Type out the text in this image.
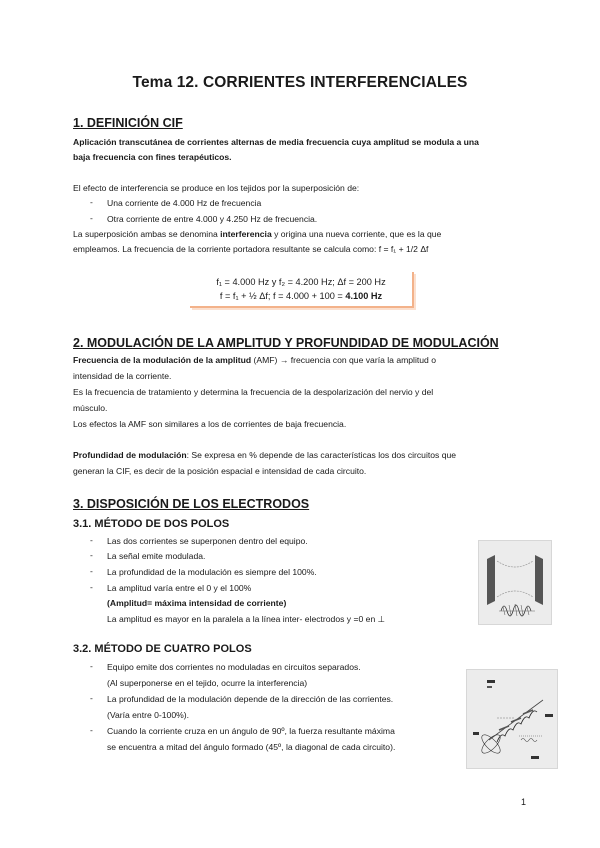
Tema 12. CORRIENTES INTERFERENCIALES
1. DEFINICIÓN CIF
Aplicación transcutánea de corrientes alternas de media frecuencia cuya amplitud se modula a una
baja frecuencia con fines terapéuticos.
El efecto de interferencia se produce en los tejidos por la superposición de:
- Una corriente de 4.000 Hz de frecuencia
- Otra corriente de entre 4.000 y 4.250 Hz de frecuencia.
La superposición ambas se denomina interferencia y origina una nueva corriente, que es la que
empleamos. La frecuencia de la corriente portadora resultante se calcula como: f = f₁ + 1/2 Δf
f₁ = 4.000 Hz y f₂ = 4.200 Hz; Δf = 200 Hz
f = f₁ + ½ Δf; f = 4.000 + 100 = 4.100 Hz
2. MODULACIÓN DE LA AMPLITUD Y PROFUNDIDAD DE MODULACIÓN
Frecuencia de la modulación de la amplitud (AMF) → frecuencia con que varía la amplitud o
intensidad de la corriente.
Es la frecuencia de tratamiento y determina la frecuencia de la despolarización del nervio y del
músculo.
Los efectos la AMF son similares a los de corrientes de baja frecuencia.
Profundidad de modulación: Se expresa en % depende de las características los dos circuitos que
generan la CIF, es decir de la posición espacial e intensidad de cada circuito.
3. DISPOSICIÓN DE LOS ELECTRODOS
3.1. MÉTODO DE DOS POLOS
- Las dos corrientes se superponen dentro del equipo.
- La señal emite modulada.
- La profundidad de la modulación es siempre del 100%.
- La amplitud varía entre el 0 y el 100%
(Amplitud= máxima intensidad de corriente)
La amplitud es mayor en la paralela a la línea inter- electrodos y =0 en ⊥
3.2. MÉTODO DE CUATRO POLOS
- Equipo emite dos corrientes no moduladas en circuitos separados.
(Al superponerse en el tejido, ocurre la interferencia)
- La profundidad de la modulación depende de la dirección de las corrientes.
(Varía entre 0-100%).
- Cuando la corriente cruza en un ángulo de 90º, la fuerza resultante máxima
se encuentra a mitad del ángulo formado (45º, la diagonal de cada circuito).
1
